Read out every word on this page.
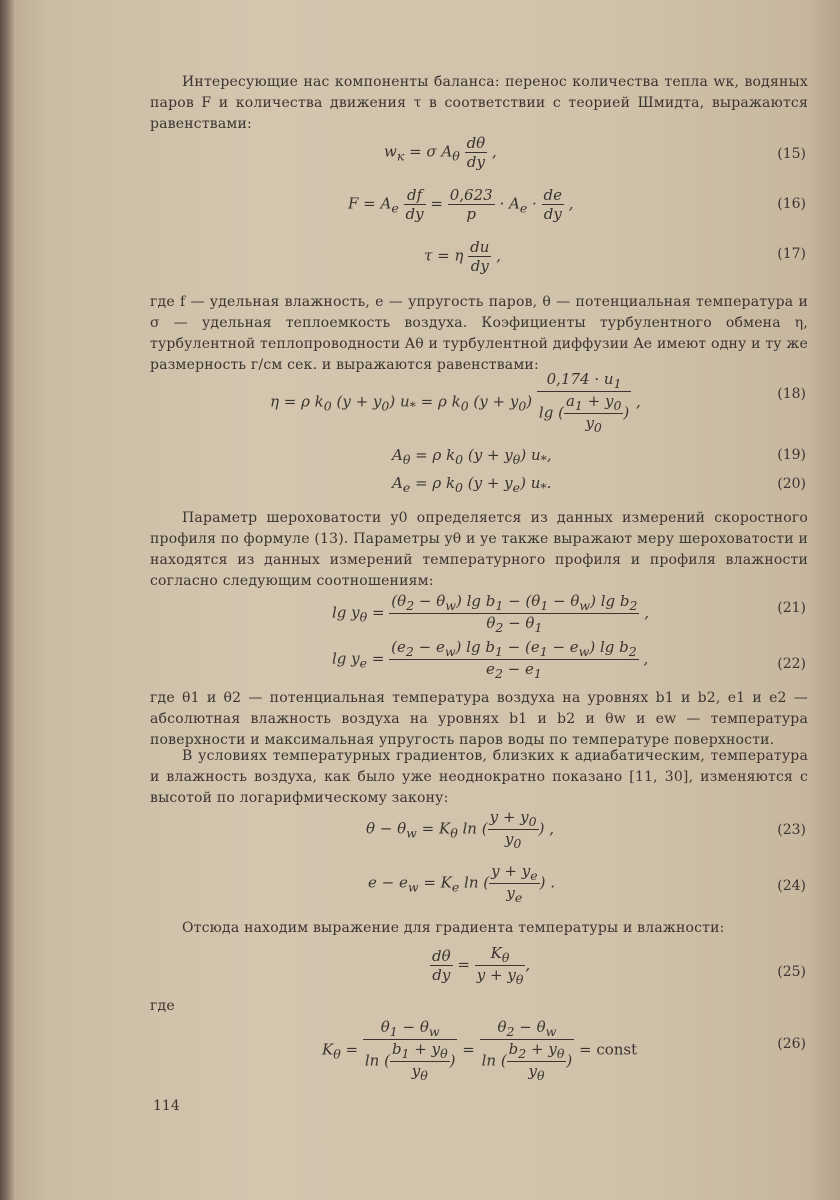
Интересующие нас компоненты баланса: перенос количества тепла wк, водяных паров F и количества движения τ в соответствии с теорией Шмидта, выражаются равенствами:
$w_к = \sigma$ $A_\theta \frac{d\theta}{dy}$ ,	(15)
$F = A_e \frac{df}{dy} = \frac{0,623}{p} \cdot A_e \cdot \frac{de}{dy}$ ,	(16)
τ = η $\frac{du}{dy}$ ,	(17)
где f — удельная влажность, e — упругость паров, θ — потенциальная температура и σ — удельная теплоемкость воздуха. Коэфициенты турбулентного обмена η, турбулентной теплопроводности Aθ и турбулентной диффузии Ae имеют одну и ту же размерность г/см сек. и выражаются равенствами:
η = ρ $k_0$ $(y + y_0)$ $u_* = \rho$ $k_0$ $(y + y_0) \frac{0,174 \cdot u_1}{\lg ( \frac{a_1 + y_0}{y_0} )}$ ,	(18)
$A_\theta = \rho$ $k_0$ $(y + y_\theta)$ $u_*$,	(19)
$A_e = \rho$ $k_0$ $(y + y_e)$ $u_*$.	(20)
Параметр шероховатости y0 определяется из данных измерений скоростного профиля по формуле (13). Параметры yθ и ye также выражают меру шероховатости и находятся из данных измерений температурного профиля и профиля влажности согласно следующим соотношениям:
$\lg y_\theta = \frac{(\theta_2 - \theta_w) \lg b_1 - (\theta_1 - \theta_w) \lg b_2}{\theta_2 - \theta_1}$ ,	(21)
$\lg y_e = \frac{(e_2 - e_w) \lg b_1 - (e_1 - e_w) \lg b_2}{e_2 - e_1}$ ,	(22)
где θ1 и θ2 — потенциальная температура воздуха на уровнях b1 и b2, e1 и e2 — абсолютная влажность воздуха на уровнях b1 и b2 и θw и ew — температура поверхности и максимальная упругость паров воды по температуре поверхности.
В условиях температурных градиентов, близких к адиабатическим, температура и влажность воздуха, как было уже неоднократно показано [11, 30], изменяются с высотой по логарифмическому закону:
$\theta - \theta_w = K_\theta$ ln ( $\frac{y + y_0}{y_0}$ ) ,	(23)
$e - e_w = K_e$ ln ( $\frac{y + y_e}{y_e}$ ) .	(24)
Отсюда находим выражение для градиента температуры и влажности:
$\frac{d\theta}{dy} = \frac{K_\theta}{y + y_\theta}$ ,	(25)
где
$K_\theta = \frac{\theta_1 - \theta_w}{\ln ( \frac{b_1 + y_\theta}{y_\theta} )} = \frac{\theta_2 - \theta_w}{\ln ( \frac{b_2 + y_\theta}{y_\theta} )}$ = const	(26)
114
